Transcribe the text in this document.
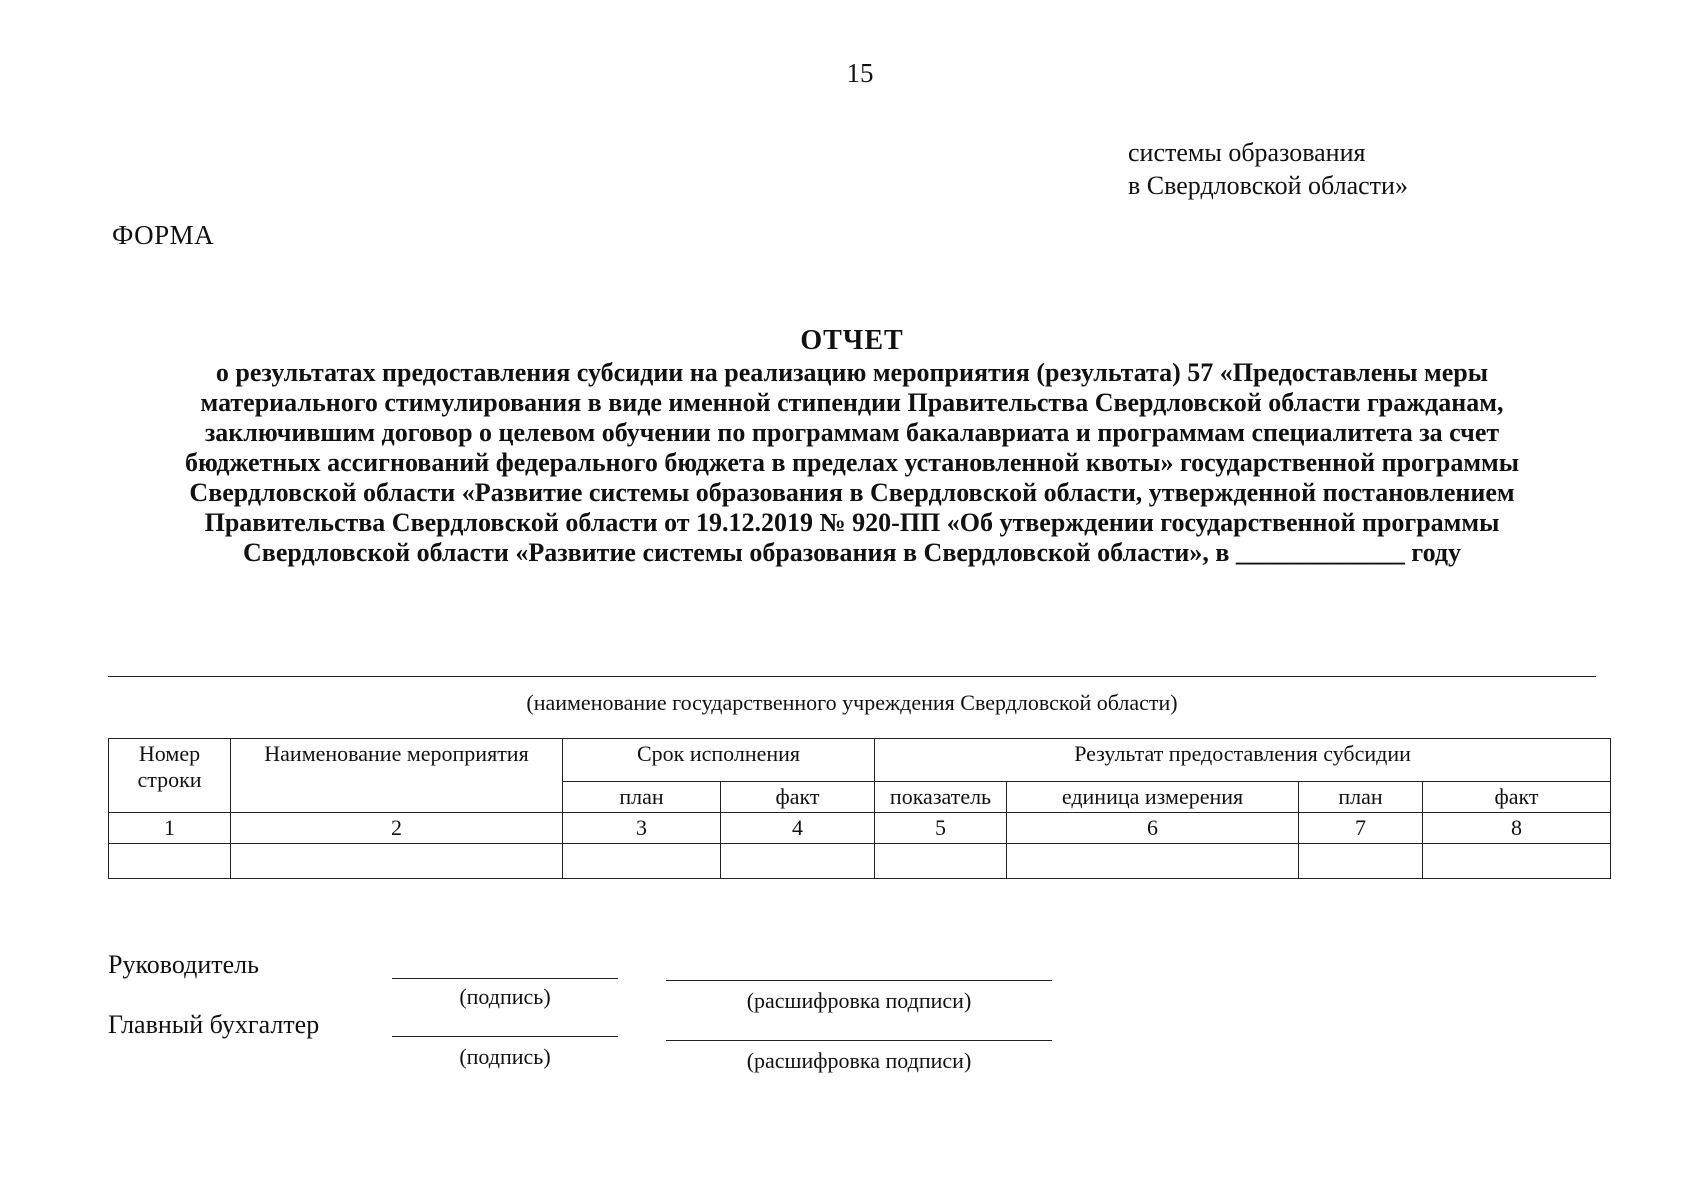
15
системы образования
в Свердловской области»
ФОРМА
ОТЧЕТ
о результатах предоставления субсидии на реализацию мероприятия (результата) 57 «Предоставлены меры
материального стимулирования в виде именной стипендии Правительства Свердловской области гражданам,
заключившим договор о целевом обучении по программам бакалавриата и программам специалитета за счет
бюджетных ассигнований федерального бюджета в пределах установленной квоты» государственной программы
Свердловской области «Развитие системы образования в Свердловской области, утвержденной постановлением
Правительства Свердловской области от 19.12.2019 № 920-ПП «Об утверждении государственной программы
Свердловской области «Развитие системы образования в Свердловской области», в _____________ году
(наименование государственного учреждения Свердловской области)
Номер строки	Наименование мероприятия	Срок исполнения		Результат предоставления субсидии			
		план	факт	показатель	единица измерения	план	факт
1	2	3	4	5	6	7	8

Руководитель
(подпись)	(расшифровка подписи)
Главный бухгалтер
(подпись)	(расшифровка подписи)
